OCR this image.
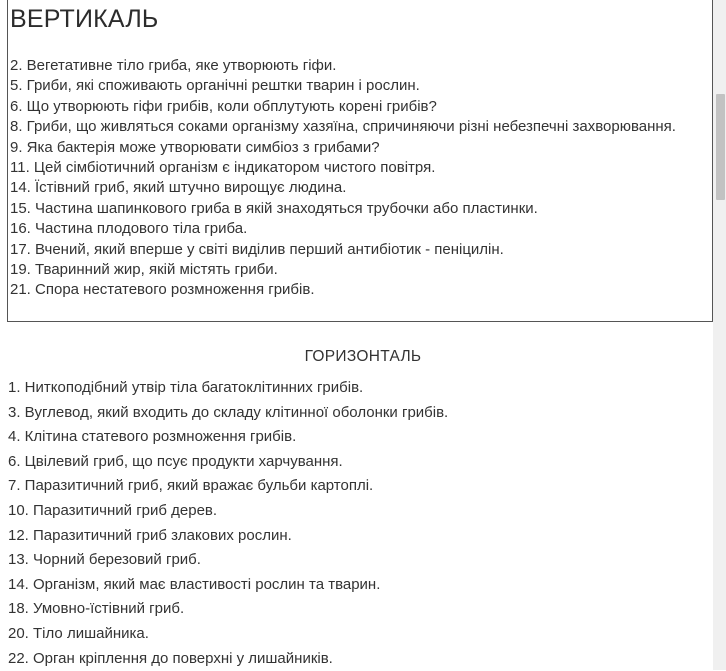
ВЕРТИКАЛЬ
2. Вегетативне тіло гриба, яке утворюють гіфи.
5. Гриби, які споживають органічні рештки тварин і рослин.
6. Що утворюють гіфи грибів, коли обплутують корені грибів?
8. Гриби, що живляться соками організму хазяїна, спричиняючи різні небезпечні захворювання.
9. Яка бактерія може утворювати симбіоз з грибами?
11. Цей сімбіотичний організм є індикатором чистого повітря.
14. Їстівний гриб, який штучно вирощує людина.
15. Частина шапинкового гриба в якій знаходяться трубочки або пластинки.
16. Частина плодового тіла гриба.
17. Вчений, який вперше у світі виділив перший антибіотик - пеніцилін.
19. Тваринний жир, якій містять гриби.
21. Спора нестатевого розмноження грибів.
ГОРИЗОНТАЛЬ
1. Ниткоподібний утвір тіла багатоклітинних грибів.
3. Вуглевод, який входить до складу клітинної оболонки грибів.
4. Клітина статевого розмноження грибів.
6. Цвілевий гриб, що псує продукти харчування.
7. Паразитичний гриб, який вражає бульби картоплі.
10. Паразитичний гриб дерев.
12. Паразитичний гриб злакових рослин.
13. Чорний березовий гриб.
14. Організм, який має властивості рослин та тварин.
18. Умовно-їстівний гриб.
20. Тіло лишайника.
22. Орган кріплення до поверхні у лишайників.
